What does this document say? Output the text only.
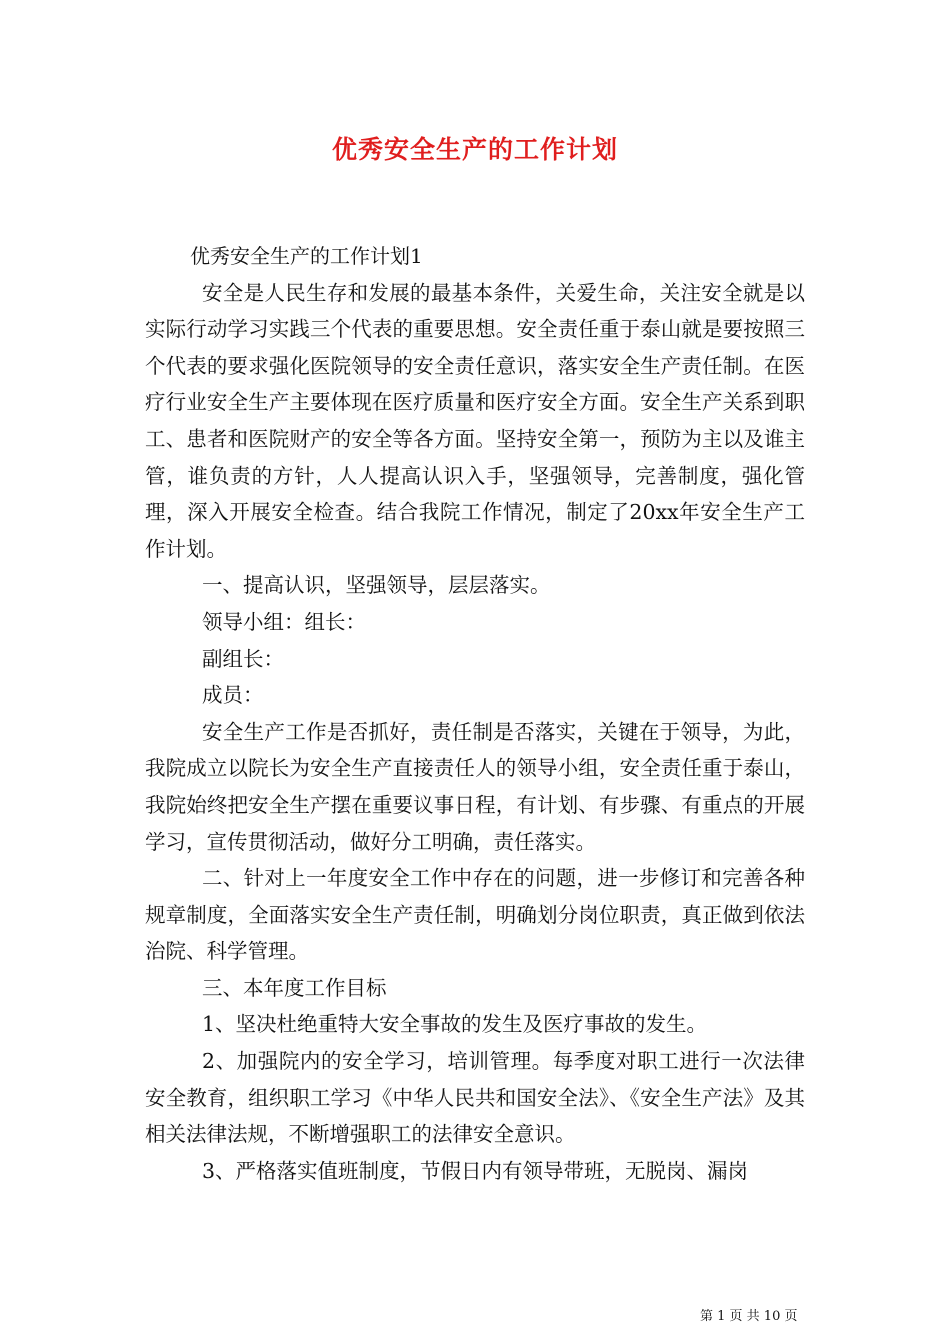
优秀安全生产的工作计划

优秀安全生产的工作计划1

安全是人民生存和发展的最基本条件，关爱生命，关注安全就是以实际行动学习实践三个代表的重要思想。安全责任重于泰山就是要按照三个代表的要求强化医院领导的安全责任意识，落实安全生产责任制。在医疗行业安全生产主要体现在医疗质量和医疗安全方面。安全生产关系到职工、患者和医院财产的安全等各方面。坚持安全第一，预防为主以及谁主管，谁负责的方针，人人提高认识入手，坚强领导，完善制度，强化管理，深入开展安全检查。结合我院工作情况，制定了20xx年安全生产工作计划。

一、提高认识，坚强领导，层层落实。

领导小组：组长：

副组长：

成员：

安全生产工作是否抓好，责任制是否落实，关键在于领导，为此，我院成立以院长为安全生产直接责任人的领导小组，安全责任重于泰山，我院始终把安全生产摆在重要议事日程，有计划、有步骤、有重点的开展学习，宣传贯彻活动，做好分工明确，责任落实。

二、针对上一年度安全工作中存在的问题，进一步修订和完善各种规章制度，全面落实安全生产责任制，明确划分岗位职责，真正做到依法治院、科学管理。

三、本年度工作目标

1、坚决杜绝重特大安全事故的发生及医疗事故的发生。

2、加强院内的安全学习，培训管理。每季度对职工进行一次法律安全教育，组织职工学习《中华人民共和国安全法》、《安全生产法》及其相关法律法规，不断增强职工的法律安全意识。

3、严格落实值班制度，节假日内有领导带班，无脱岗、漏岗

第 1 页 共 10 页
